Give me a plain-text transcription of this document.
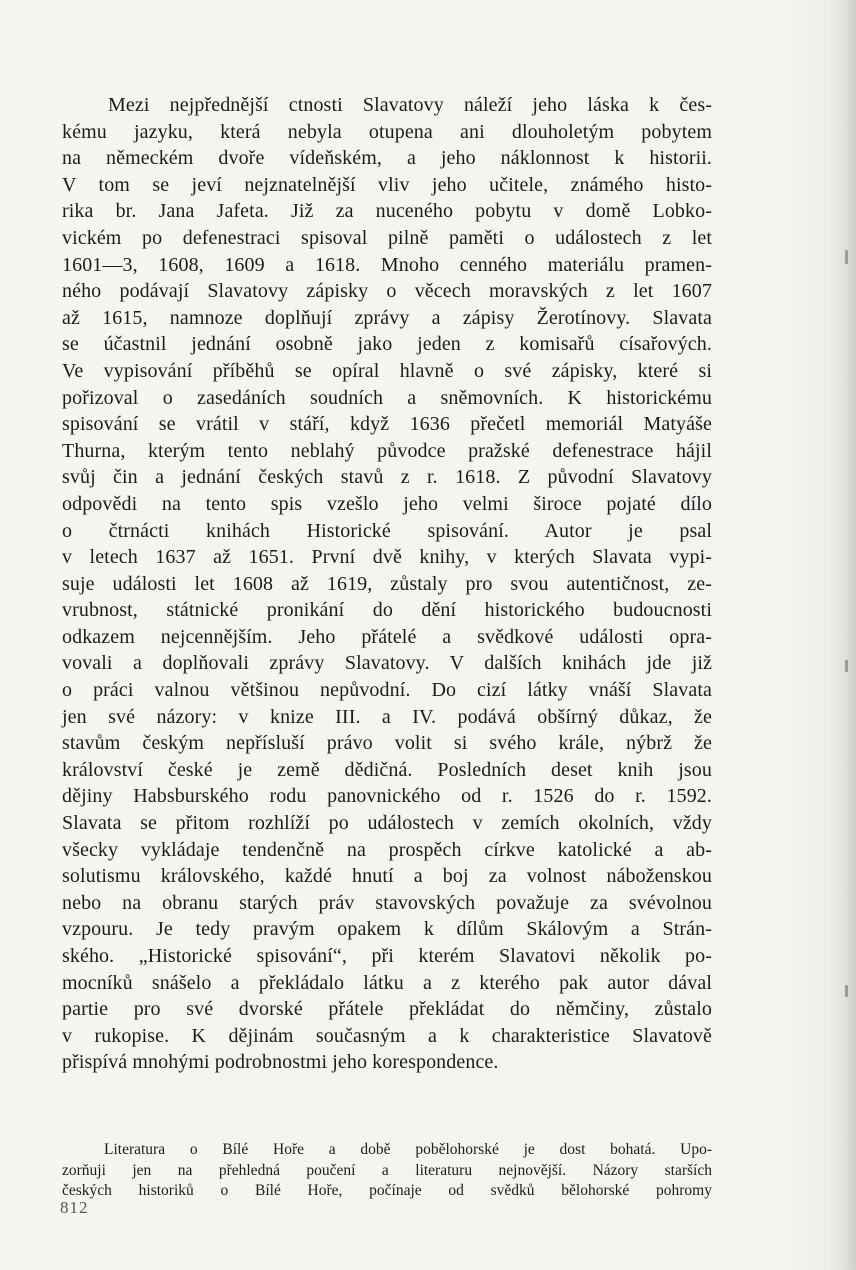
Mezi nejpřednější ctnosti Slavatovy náleží jeho láska k čes-
kému jazyku, která nebyla otupena ani dlouholetým pobytem
na německém dvoře vídeňském, a jeho náklonnost k historii.
V tom se jeví nejznatelnější vliv jeho učitele, známého histo-
rika br. Jana Jafeta. Již za nuceného pobytu v domě Lobko-
vickém po defenestraci spisoval pilně paměti o událostech z let
1601—3, 1608, 1609 a 1618. Mnoho cenného materiálu pramen-
ného podávají Slavatovy zápisky o věcech moravských z let 1607
až 1615, namnoze doplňují zprávy a zápisy Žerotínovy. Slavata
se účastnil jednání osobně jako jeden z komisařů císařových.
Ve vypisování příběhů se opíral hlavně o své zápisky, které si
pořizoval o zasedáních soudních a sněmovních. K historickému
spisování se vrátil v stáří, když 1636 přečetl memoriál Matyáše
Thurna, kterým tento neblahý původce pražské defenestrace hájil
svůj čin a jednání českých stavů z r. 1618. Z původní Slavatovy
odpovědi na tento spis vzešlo jeho velmi široce pojaté dílo
o čtrnácti knihách Historické spisování. Autor je psal
v letech 1637 až 1651. První dvě knihy, v kterých Slavata vypi-
suje události let 1608 až 1619, zůstaly pro svou autentičnost, ze-
vrubnost, státnické pronikání do dění historického budoucnosti
odkazem nejcennějším. Jeho přátelé a svědkové události opra-
vovali a doplňovali zprávy Slavatovy. V dalších knihách jde již
o práci valnou většinou nepůvodní. Do cizí látky vnáší Slavata
jen své názory: v knize III. a IV. podává obšírný důkaz, že
stavům českým nepřísluší právo volit si svého krále, nýbrž že
království české je země dědičná. Posledních deset knih jsou
dějiny Habsburského rodu panovnického od r. 1526 do r. 1592.
Slavata se přitom rozhlíží po událostech v zemích okolních, vždy
všecky vykládaje tendenčně na prospěch církve katolické a ab-
solutismu královského, každé hnutí a boj za volnost náboženskou
nebo na obranu starých práv stavovských považuje za svévolnou
vzpouru. Je tedy pravým opakem k dílům Skálovým a Strán-
ského. „Historické spisování“, při kterém Slavatovi několik po-
mocníků snášelo a překládalo látku a z kterého pak autor dával
partie pro své dvorské přátele překládat do němčiny, zůstalo
v rukopise. K dějinám současným a k charakteristice Slavatově
přispívá mnohými podrobnostmi jeho korespondence.
Literatura o Bílé Hoře a době pobělohorské je dost bohatá. Upo-
zorňuji jen na přehledná poučení a literaturu nejnovější. Názory starších
českých historiků o Bílé Hoře, počínaje od svědků bělohorské pohromy
812
